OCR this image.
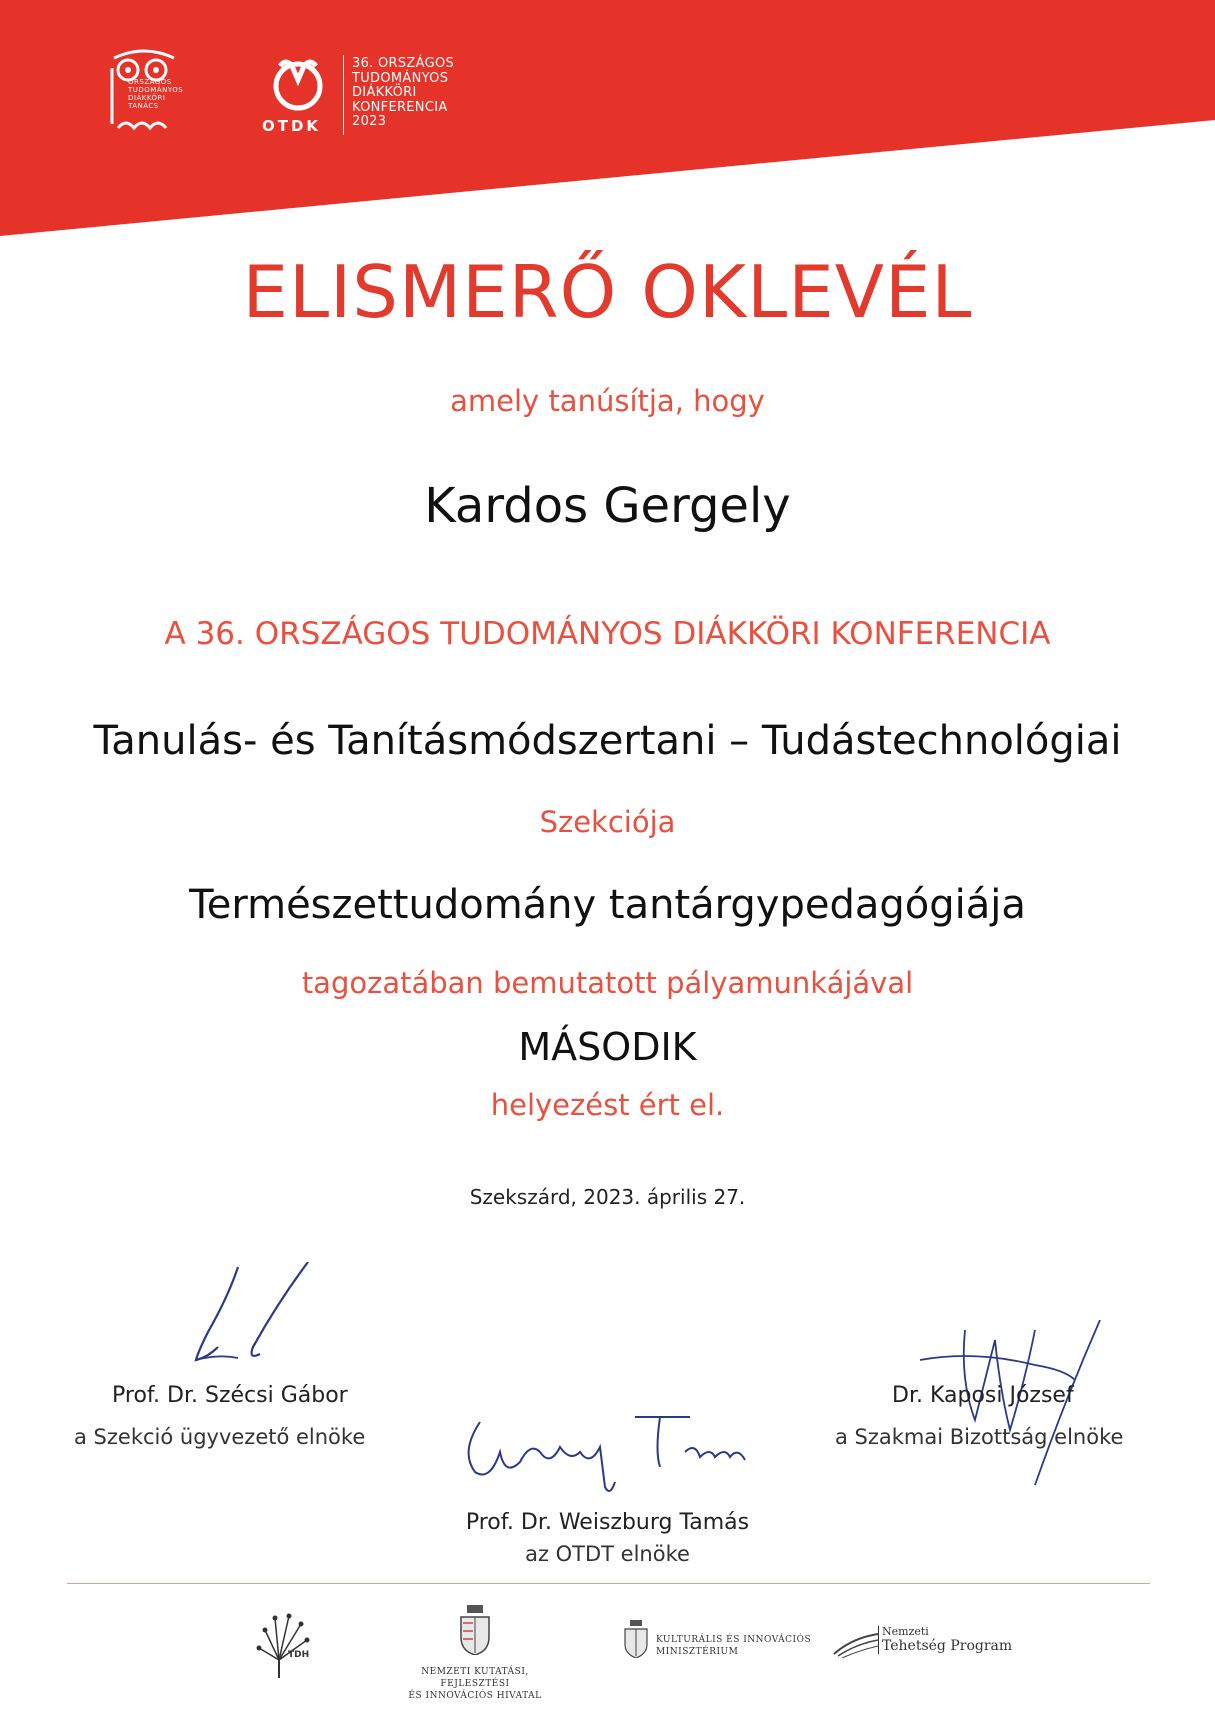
ORSZÁGOS
TUDOMÁNYOS
DIÁKKÖRI
TANÁCS
OTDK
36. ORSZÁGOS
TUDOMÁNYOS
DIÁKKÖRI
KONFERENCIA
2023
ELISMERŐ OKLEVÉL
amely tanúsítja, hogy
Kardos Gergely
A 36. ORSZÁGOS TUDOMÁNYOS DIÁKKÖRI KONFERENCIA
Tanulás- és Tanításmódszertani – Tudástechnológiai
Szekciója
Természettudomány tantárgypedagógiája
tagozatában bemutatott pályamunkájával
MÁSODIK
helyezést ért el.
Szekszárd, 2023. április 27.
Prof. Dr. Szécsi Gábor
a Szekció ügyvezető elnöke
Dr. Kaposi József
a Szakmai Bizottság elnöke
Prof. Dr. Weiszburg Tamás
az OTDT elnöke
TDH
NEMZETI KUTATÁSI, FEJLESZTÉSI
ÉS INNOVÁCIÓS HIVATAL
KULTURÁLIS ÉS INNOVÁCIÓS
MINISZTÉRIUM
Nemzeti
Tehetség Program
